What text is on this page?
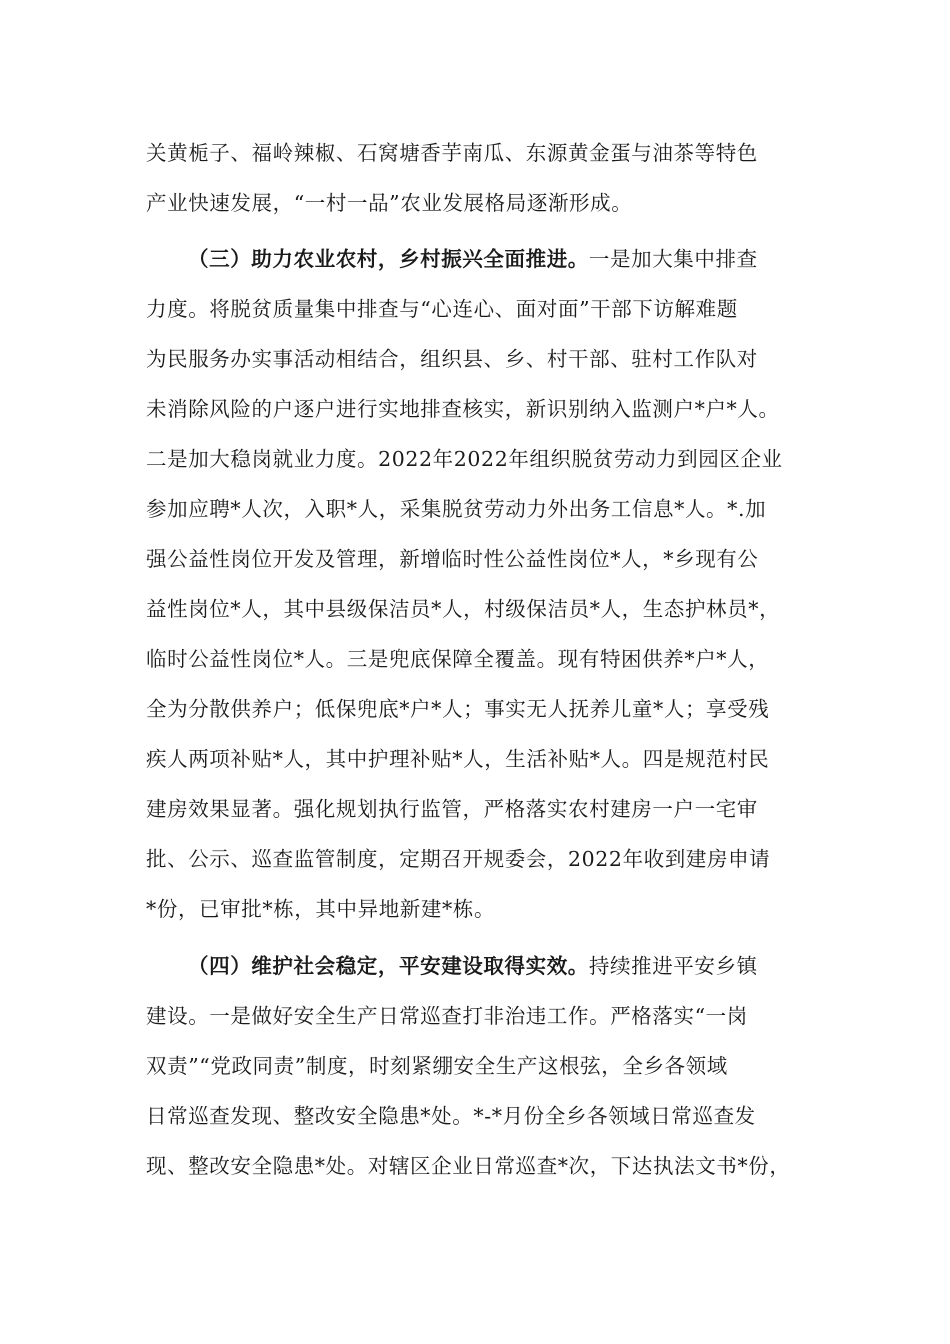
关黄栀子、福岭辣椒、石窝塘香芋南瓜、东源黄金蛋与油茶等特色
产业快速发展，“一村一品”农业发展格局逐渐形成。
（三）助力农业农村，乡村振兴全面推进。一是加大集中排查
力度。将脱贫质量集中排查与“心连心、面对面”干部下访解难题
为民服务办实事活动相结合，组织县、乡、村干部、驻村工作队对
未消除风险的户逐户进行实地排查核实，新识别纳入监测户*户*人。
二是加大稳岗就业力度。2022年2022年组织脱贫劳动力到园区企业
参加应聘*人次，入职*人，采集脱贫劳动力外出务工信息*人。*.加
强公益性岗位开发及管理，新增临时性公益性岗位*人，*乡现有公
益性岗位*人，其中县级保洁员*人，村级保洁员*人，生态护林员*，
临时公益性岗位*人。三是兜底保障全覆盖。现有特困供养*户*人，
全为分散供养户；低保兜底*户*人；事实无人抚养儿童*人；享受残
疾人两项补贴*人，其中护理补贴*人，生活补贴*人。四是规范村民
建房效果显著。强化规划执行监管，严格落实农村建房一户一宅审
批、公示、巡查监管制度，定期召开规委会，2022年收到建房申请
*份，已审批*栋，其中异地新建*栋。
（四）维护社会稳定，平安建设取得实效。持续推进平安乡镇
建设。一是做好安全生产日常巡查打非治违工作。严格落实“一岗
双责”“党政同责”制度，时刻紧绷安全生产这根弦，全乡各领域
日常巡查发现、整改安全隐患*处。*-*月份全乡各领域日常巡查发
现、整改安全隐患*处。对辖区企业日常巡查*次，下达执法文书*份，
